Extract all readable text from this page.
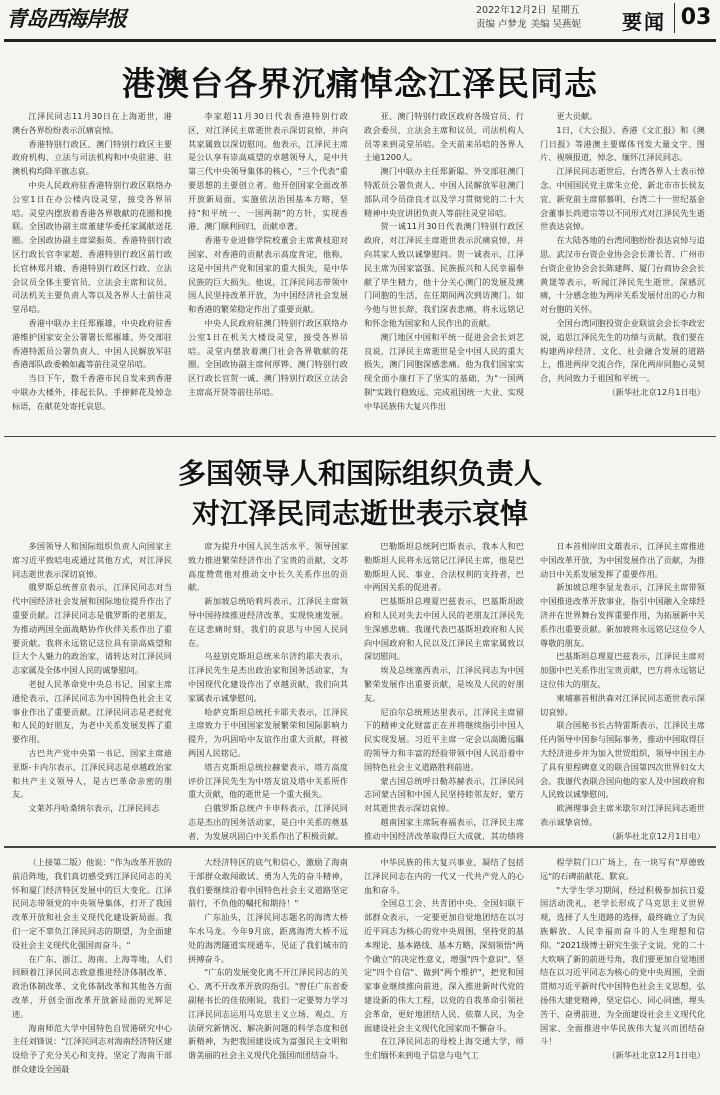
青岛西海岸报	2022年12月2日 星期五
责编 卢梦龙 美编 吴燕妮 要闻 03
港澳台各界沉痛悼念江泽民同志

江泽民同志11月30日在上海逝世，港澳台各界纷纷表示沉痛哀悼。

香港特别行政区、澳门特别行政区主要政府机构、立法与司法机构和中央驻港、驻澳机构均降半旗志哀。

中央人民政府驻香港特别行政区联络办公室1日在办公楼内设灵堂，接受各界吊唁。灵堂内摆放着香港各界敬献的花圈和挽联。全国政协副主席董建华委托家属献送花圈。全国政协副主席梁振英、香港特别行政区行政长官李家超、香港特别行政区前行政长官林郑月娥、香港特别行政区行政、立法会议员全体主要官员、立法会主席和议员、司法机关主要负责人等以及各界人士前往灵堂吊唁。

香港中联办主任郑雁雄，中央政府驻香港维护国家安全公署署长郑雁雄、外交部驻香港特派员公署负责人、中国人民解放军驻香港部队政委赖如鑫等前往灵堂吊唁。

当日下午，数千香港市民自发来到香港中联办大楼外，排起长队、手捧鲜花及悼念标语，在献花处寄托哀思。

李家超11月30日代表香港特别行政区，对江泽民主席逝世表示深切哀悼，并向其家属致以深切慰问。他表示，江泽民主席是公认享有崇高威望的卓越领导人，是中共第三代中央领导集体的核心，"三个代表"重要思想的主要创立者。他开创国家全面改革开放新局面，实施依法治国基本方略，坚持"和平统一、一国两制"的方针，实现香港、澳门顺利回归，贡献卓著。

香港专业进修学院校董会主席黄枝迎对国家、对香港的贡献表示高度肯定，他称，这是中国共产党和国家的重大损失，是中华民族的巨大损失。他说，江泽民同志带领中国人民坚持改革开放，为中国经济社会发展和香港的繁荣稳定作出了重要贡献。

中央人民政府驻澳门特别行政区联络办公室1日在机关大楼设灵堂，接受各界吊唁。灵堂内摆放着澳门社会各界敬献的花圈。全国政协副主席何厚铧、澳门特别行政区行政长官贺一诚、澳门特别行政区立法会主席高开贤等前往吊唁。

亚、澳门特别行政区政府各级官员、行政会委员、立法会主席和议员、司法机构人员等来到灵堂吊唁。全天前来吊唁的各界人士逾1200人。

澳门中联办主任郑新聪、外交部驻澳门特派员公署负责人、中国人民解放军驻澳门部队司令员徐良才以及学习贯彻党的二十大精神中央宣讲团负责人等前往灵堂吊唁。

贺一诚11月30日代表澳门特别行政区政府，对江泽民主席逝世表示沉痛哀悼，并向其家人致以诚挚慰问。贺一诚表示，江泽民主席为国家富强、民族振兴和人民幸福奉献了毕生精力，他十分关心澳门的发展及澳门同胞的生活，在任期间两次到访澳门。如今他与世长辞，我们深表悲痛，将永远铭记和怀念他为国家和人民作出的贡献。

澳门地区中国和平统一促进会会长刘艺良说，江泽民主席逝世是全中国人民的重大损失，澳门同胞深感悲痛。他为我们国家实现全面小康打下了坚实的基础，为"一国两制"实践行稳致远、完成祖国统一大业、实现中华民族伟大复兴作出

更大贡献。

1日，《大公报》、香港《文汇报》和《澳门日报》等港澳主要媒体刊发大量文字、图片、视频报道，悼念、缅怀江泽民同志。

江泽民同志逝世后，台湾各界人士表示悼念。中国国民党主席朱立伦、新北市市长侯友宜、新党前主席郁慕明、台湾二十一世纪基金会董事长尚道宗等以不同形式对江泽民先生逝世表达哀悼。

在大陆各地的台湾同胞纷纷表达哀悼与追思。武汉市台资企业协会会长萧长青、广州市台资企业协会会长陈建辉、厦门台商协会会长黄晟等表示，听闻江泽民先生逝世，深感沉痛，十分感念他为两岸关系发展付出的心力和对台胞的关怀。

全国台湾同胞投资企业联谊会会长李政宏说，追思江泽民先生的功绩与贡献，我们要在构建两岸经济、文化、社会融合发展的道路上，推进两岸交流合作，深化两岸同胞心灵契合，共同致力于祖国和平统一。

（新华社北京12月1日电）

多国领导人和国际组织负责人
对江泽民同志逝世表示哀悼

多国领导人和国际组织负责人向国家主席习近平致唁电或通过其他方式，对江泽民同志逝世表示深切哀悼。

俄罗斯总统普京表示，江泽民同志对当代中国经济社会发展和国际地位提升作出了重要贡献。江泽民同志是俄罗斯的老朋友，为推动两国全面战略协作伙伴关系作出了重要贡献。我将永远铭记这位具有崇高威望和巨大个人魅力的政治家，请转达对江泽民同志家属及全体中国人民的诚挚慰问。

老挝人民革命党中央总书记、国家主席通伦表示，江泽民同志为中国特色社会主义事业作出了重要贡献。江泽民同志是老挝党和人民的好朋友，为老中关系发展发挥了重要作用。

古巴共产党中央第一书记、国家主席迪亚斯-卡内尔表示，江泽民同志是卓越政治家和共产主义领导人，是古巴革命亲密的朋友。

文莱苏丹哈桑纳尔表示，江泽民同志

席为提升中国人民生活水平、领导国家致力推进繁荣经济作出了宝贵的贡献，文苏高度赞赏他对推动文中长久关系作出的贡献。

新加坡总统哈莉玛表示，江泽民主席领导中国持续推进经济改革，实现快速发展。在这悲痛时刻，我们的哀思与中国人民同在。

乌兹别克斯坦总统米尔济约耶夫表示，江泽民先生是杰出政治家和国务活动家，为中国现代化建设作出了卓越贡献，我们向其家属表示诚挚慰问。

哈萨克斯坦总统托卡耶夫表示，江泽民主席致力于中国国家发展繁荣和国际影响力提升，为巩固哈中友谊作出重大贡献，将被两国人民铭记。

塔吉克斯坦总统拉赫蒙表示，塔方高度评价江泽民先生为中塔友谊及塔中关系所作重大贡献，他的逝世是一个重大损失。

白俄罗斯总统卢卡申科表示，江泽民同志是杰出的国务活动家，是白中关系的奠基者，为发展巩固白中关系作出了积极贡献。

巴勒斯坦总统阿巴斯表示，我本人和巴勒斯坦人民将永远铭记江泽民主席，他是巴勒斯坦人民、事业、合法权利的支持者，巴中两国关系的促进者。

巴基斯坦总理夏巴兹表示，巴基斯坦政府和人民对失去中国人民的老朋友江泽民先生深感悲痛。我谨代表巴基斯坦政府和人民向中国政府和人民以及江泽民主席家属致以深切慰问。

埃及总统塞西表示，江泽民同志为中国繁荣发展作出重要贡献，是埃及人民的好朋友。

尼泊尔总统班达里表示，江泽民主席留下的精神文化财富正在并将继续指引中国人民实现发展。习近平主席一定会以高瞻远瞩的领导力和丰富的经验带领中国人民沿着中国特色社会主义道路胜利前进。

蒙古国总统呼日勒苏赫表示，江泽民同志同蒙古国和中国人民坚持睦邻友好，蒙方对其逝世表示深切哀悼。

越南国家主席阮春福表示，江泽民主席推动中国经济改革取得巨大成就，其功绩将

日本首相岸田文雄表示，江泽民主席推进中国改革开放，为中国发展作出了贡献，为推动日中关系发展发挥了重要作用。

新加坡总理李显龙表示，江泽民主席带领中国推进改革开放事业，指引中国融入全球经济并在世界舞台发挥重要作用，为拓展新中关系作出重要贡献。新加坡将永远铭记这位令人尊敬的朋友。

巴基斯坦总理夏巴兹表示，江泽民主席对加强中巴关系作出宝贵贡献，巴方将永远铭记这位伟大的朋友。

柬埔寨首相洪森对江泽民同志逝世表示深切哀悼。

联合国秘书长古特雷斯表示，江泽民主席任内领导中国参与国际事务，推动中国取得巨大经济进步并为加入世贸组织，领导中国主办了具有里程碑意义的联合国第四次世界妇女大会。我谨代表联合国向他的家人及中国政府和人民致以诚挚慰问。

欧洲理事会主席米歇尔对江泽民同志逝世表示诚挚哀悼。

（新华社北京12月1日电）

（上接第二版）他说："作为改革开放的前沿阵地，我们真切感受到江泽民同志的关怀和厦门经济特区发展中的巨大变化。江泽民同志带领党的中央领导集体，打开了我国改革开放和社会主义现代化建设新局面。我们一定不辜负江泽民同志的期望，为全面建设社会主义现代化强国而奋斗。"

在广东、浙江、海南、上海等地，人们回顾着江泽民同志致意推进经济体制改革、政治体制改革、文化体制改革和其他各方面改革，开创全面改革开放新局面的光辉足迹。

海南师范大学中国特色自贸港研究中心主任刘锋说："江泽民同志对海南经济特区建设给予了充分关心和支持，坚定了海南干部群众建设全国最

大经济特区的底气和信心，激励了海南干部群众敢闯敢试、勇为人先的奋斗精神，我们要继续沿着中国特色社会主义道路坚定前行，不负他的嘱托和期待！"

广东汕头，江泽民同志题名的海湾大桥车水马龙。今年9月底，距离海湾大桥不远处的海湾隧道实现通车，见证了我们城市的拼搏奋斗。

"广东的发展变化离不开江泽民同志的关心、离不开改革开放的指引。"曾任广东省委副秘书长的佳依刚说，我们一定要努力学习江泽民同志运用马克思主义立场、观点、方法研究新情况、解决新问题的科学态度和创新精神，为把我国建设成为富强民主文明和谐美丽的社会主义现代化强国而团结奋斗。

中华民族的伟大复兴事业，凝结了包括江泽民同志在内的一代又一代共产党人的心血和奋斗。

全国总工会、共青团中央、全国妇联干部群众表示，一定要更加自觉地团结在以习近平同志为核心的党中央周围，坚持党的基本理论、基本路线、基本方略，深刻领悟"两个确立"的决定性意义，增强"四个意识"、坚定"四个自信"、做到"两个维护"，把党和国家事业继续推向前进，深入推进新时代党的建设新的伟大工程，以党的自我革命引领社会革命，更好地团结人民、依靠人民，为全面建设社会主义现代化国家而不懈奋斗。

在江泽民同志的母校上海交通大学，师生们缅怀来到电子信息与电气工

程学院门口广场上，在一块写有"厚德致远"的石碑前献花、默哀。

"大学生学习期间，经过积极参加抗日爱国活动洗礼，老学长形成了马克思主义世界观，选择了人生道路的选择，最终确立了为民族解放、人民幸福而奋斗的人生理想和信仰。"2021级博士研究生张子文说，党的二十大吹响了新的前进号角，我们要更加自觉地团结在以习近平同志为核心的党中央周围，全面贯彻习近平新时代中国特色社会主义思想，弘扬伟大建党精神，坚定信心、同心同德，埋头苦干、奋勇前进，为全面建设社会主义现代化国家、全面推进中华民族伟大复兴而团结奋斗！

（新华社北京12月1日电）
